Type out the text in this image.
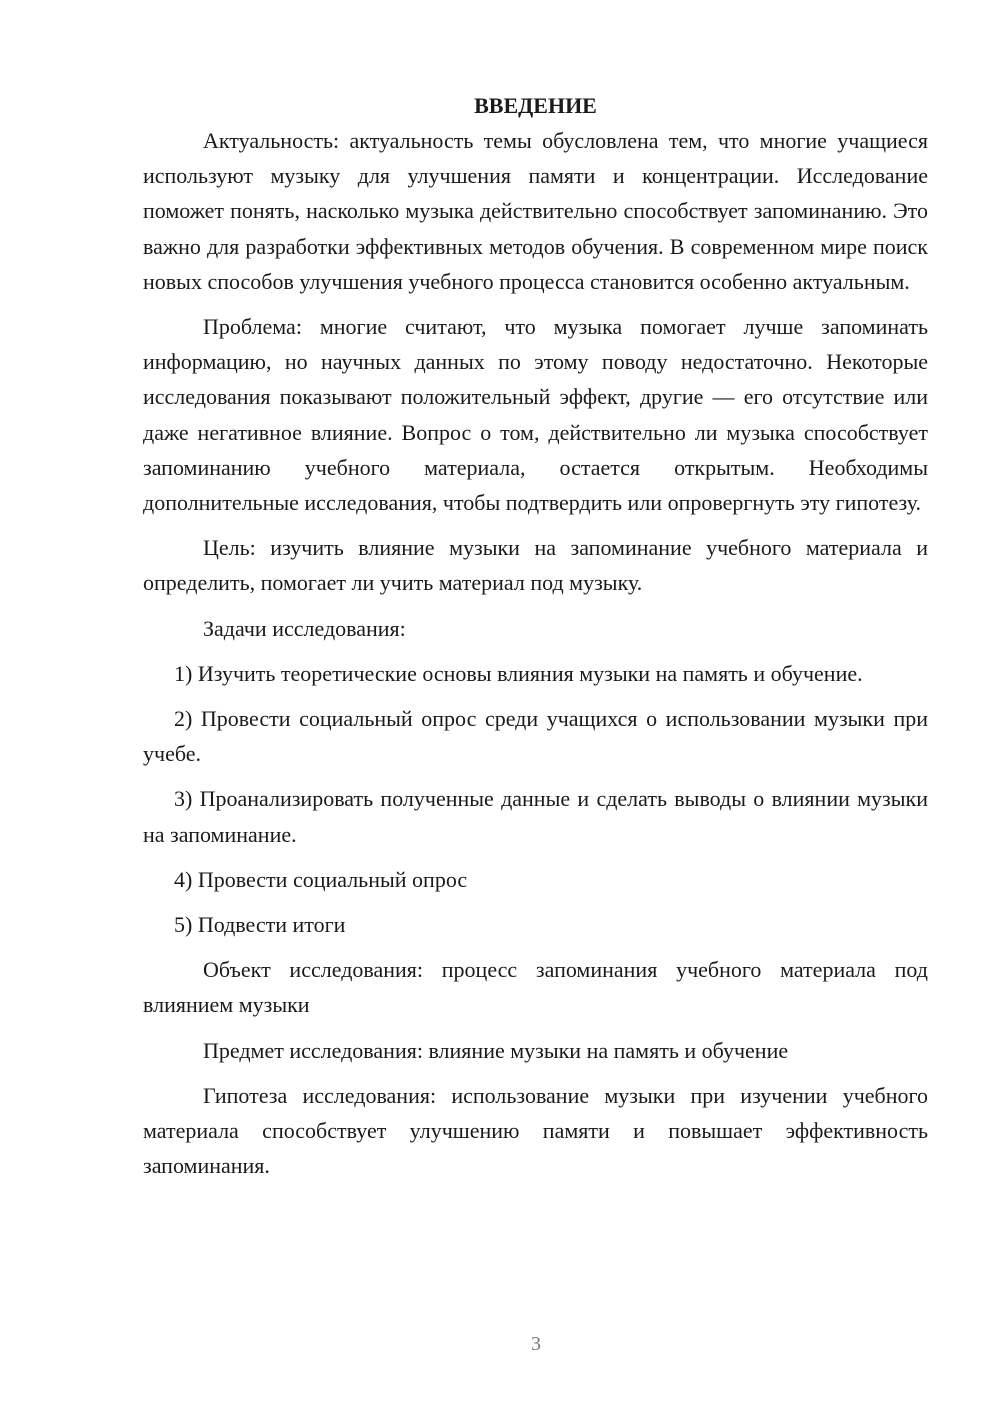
ВВЕДЕНИЕ

Актуальность: актуальность темы обусловлена тем, что многие учащиеся используют музыку для улучшения памяти и концентрации. Исследование поможет понять, насколько музыка действительно способствует запоминанию. Это важно для разработки эффективных методов обучения. В современном мире поиск новых способов улучшения учебного процесса становится особенно актуальным.

Проблема: многие считают, что музыка помогает лучше запоминать информацию, но научных данных по этому поводу недостаточно. Некоторые исследования показывают положительный эффект, другие — его отсутствие или даже негативное влияние. Вопрос о том, действительно ли музыка способствует запоминанию учебного материала, остается открытым. Необходимы дополнительные исследования, чтобы подтвердить или опровергнуть эту гипотезу.

Цель: изучить влияние музыки на запоминание учебного материала и определить, помогает ли учить материал под музыку.

Задачи исследования:

1) Изучить теоретические основы влияния музыки на память и обучение.

2) Провести социальный опрос среди учащихся о использовании музыки при учебе.

3) Проанализировать полученные данные и сделать выводы о влиянии музыки на запоминание.

4) Провести социальный опрос

5) Подвести итоги

Объект исследования: процесс запоминания учебного материала под влиянием музыки

Предмет исследования: влияние музыки на память и обучение

Гипотеза исследования: использование музыки при изучении учебного материала способствует улучшению памяти и повышает эффективность запоминания.

3
